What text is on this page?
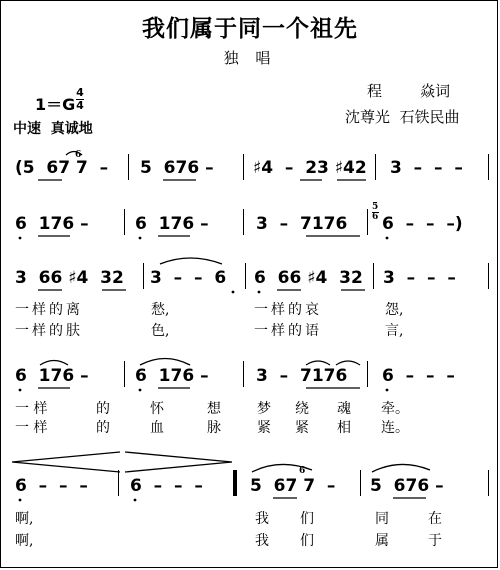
我们属于同一个祖先
独 唱
程        焱词
沈尊光  石铁民曲
1＝G
4
4
中速  真诚地
(5  67 7  –
6
5  676 – ♯4  –  23 ♯42 3  –  –  –
6  176 –	6  176 –	3  –  7176
5
6 6  –  –  –)
3  66 ♯4  32 3  –  –  6 6  66 ♯4  32 3  –  –  –
一样的离	愁,	一样的哀	怨,
一样的肤	色,	一样的语	言,
6  176 –	6  176 –	3  –  7176 6  –  –  –
一 样	的	怀	想	梦 绕 魂 牵。
一 样	的	血	脉	紧 紧 相 连。
6  –  –  – 6  –  –  –	5  67 7  –
6
5  676 –
啊,	我 们	同	在
啊,	我 们	属	于
